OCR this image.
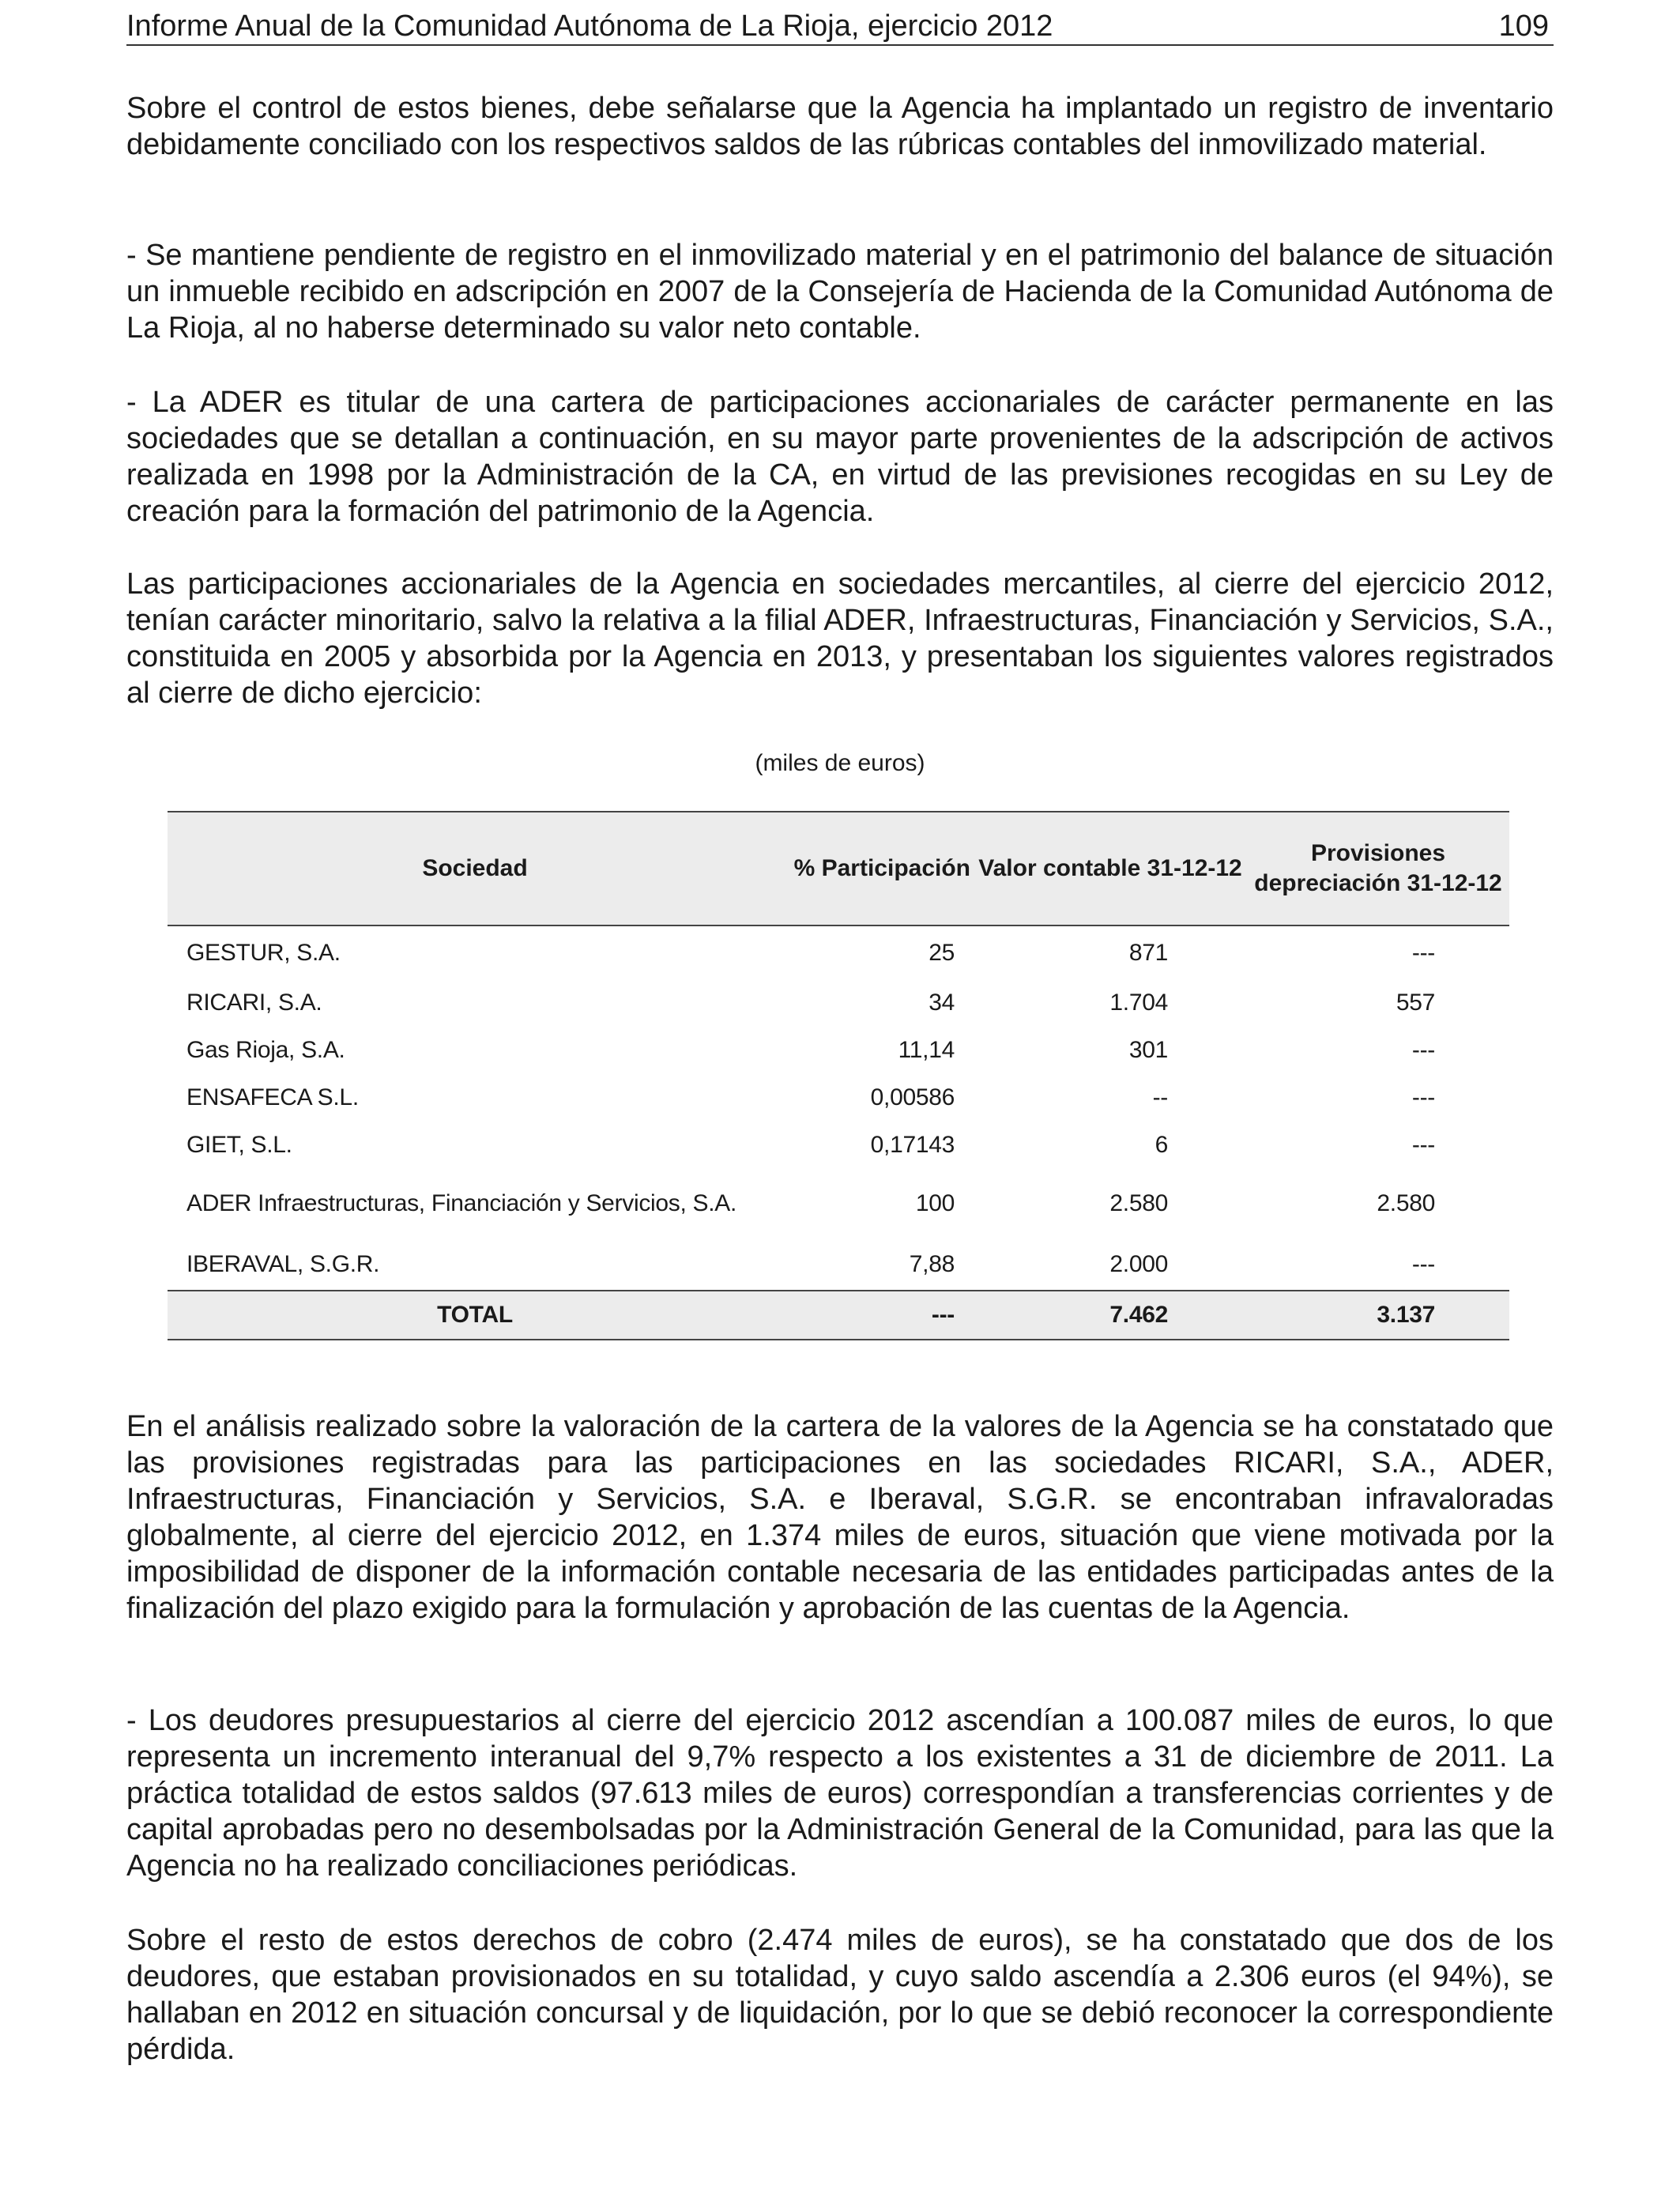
Informe Anual de la Comunidad Autónoma de La Rioja, ejercicio 2012	109

Sobre el control de estos bienes, debe señalarse que la Agencia ha implantado un registro de inventario debidamente conciliado con los respectivos saldos de las rúbricas contables del inmovilizado material.

- Se mantiene pendiente de registro en el inmovilizado material y en el patrimonio del balance de situación un inmueble recibido en adscripción en 2007 de la Consejería de Hacienda de la Comunidad Autónoma de La Rioja, al no haberse determinado su valor neto contable.

- La ADER es titular de una cartera de participaciones accionariales de carácter permanente en las sociedades que se detallan a continuación, en su mayor parte provenientes de la adscripción de activos realizada en 1998 por la Administración de la CA, en virtud de las previsiones recogidas en su Ley de creación para la formación del patrimonio de la Agencia.

Las participaciones accionariales de la Agencia en sociedades mercantiles, al cierre del ejercicio 2012, tenían carácter minoritario, salvo la relativa a la filial ADER, Infraestructuras, Financiación y Servicios, S.A., constituida en 2005 y absorbida por la Agencia en 2013, y presentaban los siguientes valores registrados al cierre de dicho ejercicio:

(miles de euros)
Sociedad	% Participación	Valor contable 31-12-12	Provisiones
depreciación 31-12-12
GESTUR, S.A.	25	871	---
RICARI, S.A.	34	1.704	557
Gas Rioja, S.A.	11,14	301	---
ENSAFECA S.L.	0,00586	--	---
GIET, S.L.	0,17143	6	---
ADER Infraestructuras, Financiación y Servicios, S.A.	100	2.580	2.580
IBERAVAL, S.G.R.	7,88	2.000	---
TOTAL	---	7.462	3.137

En el análisis realizado sobre la valoración de la cartera de la valores de la Agencia se ha constatado que las provisiones registradas para las participaciones en las sociedades RICARI, S.A., ADER, Infraestructuras, Financiación y Servicios, S.A. e Iberaval, S.G.R. se encontraban infravaloradas globalmente, al cierre del ejercicio 2012, en 1.374 miles de euros, situación que viene motivada por la imposibilidad de disponer de la información contable necesaria de las entidades participadas antes de la finalización del plazo exigido para la formulación y aprobación de las cuentas de la Agencia.

- Los deudores presupuestarios al cierre del ejercicio 2012 ascendían a 100.087 miles de euros, lo que representa un incremento interanual del 9,7% respecto a los existentes a 31 de diciembre de 2011. La práctica totalidad de estos saldos (97.613 miles de euros) correspondían a transferencias corrientes y de capital aprobadas pero no desembolsadas por la Administración General de la Comunidad, para las que la Agencia no ha realizado conciliaciones periódicas.

Sobre el resto de estos derechos de cobro (2.474 miles de euros), se ha constatado que dos de los deudores, que estaban provisionados en su totalidad, y cuyo saldo ascendía a 2.306 euros (el 94%), se hallaban en 2012 en situación concursal y de liquidación, por lo que se debió reconocer la correspondiente pérdida.
